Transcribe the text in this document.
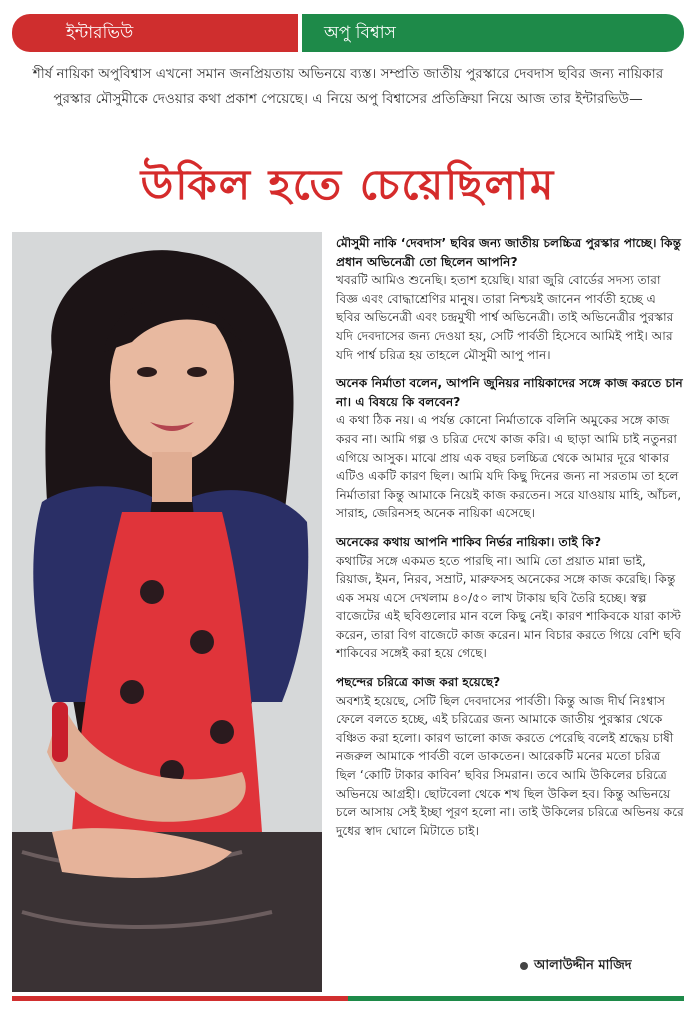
ইন্টারভিউ	অপু বিশ্বাস
শীর্ষ নায়িকা অপুবিশ্বাস এখনো সমান জনপ্রিয়তায় অভিনয়ে ব্যস্ত। সম্প্রতি জাতীয় পুরস্কারে দেবদাস ছবির জন্য নায়িকার পুরস্কার মৌসুমীকে দেওয়ার কথা প্রকাশ পেয়েছে। এ নিয়ে অপু বিশ্বাসের প্রতিক্রিয়া নিয়ে আজ তার ইন্টারভিউ—
উকিল হতে চেয়েছিলাম

মৌসুমী নাকি ‘দেবদাস’ ছবির জন্য জাতীয় চলচ্চিত্র পুরস্কার পাচ্ছে। কিন্তু প্রধান অভিনেত্রী তো ছিলেন আপনি?

খবরটি আমিও শুনেছি। হতাশ হয়েছি। যারা জুরি বোর্ডের সদস্য তারা বিজ্ঞ এবং বোদ্ধাশ্রেণির মানুষ। তারা নিশ্চয়ই জানেন পার্বতী হচ্ছে এ ছবির অভিনেত্রী এবং চন্দ্রমুখী পার্শ্ব অভিনেত্রী। তাই অভিনেত্রীর পুরস্কার যদি দেবদাসের জন্য দেওয়া হয়, সেটি পার্বতী হিসেবে আমিই পাই। আর যদি পার্শ্ব চরিত্র হয় তাহলে মৌসুমী আপু পান।

অনেক নির্মাতা বলেন, আপনি জুনিয়র নায়িকাদের সঙ্গে কাজ করতে চান না। এ বিষয়ে কি বলবেন?

এ কথা ঠিক নয়। এ পর্যন্ত কোনো নির্মাতাকে বলিনি অমুকের সঙ্গে কাজ করব না। আমি গল্প ও চরিত্র দেখে কাজ করি। এ ছাড়া আমি চাই নতুনরা এগিয়ে আসুক। মাঝে প্রায় এক বছর চলচ্চিত্র থেকে আমার দূরে থাকার এটিও একটি কারণ ছিল। আমি যদি কিছু দিনের জন্য না সরতাম তা হলে নির্মাতারা কিন্তু আমাকে নিয়েই কাজ করতেন। সরে যাওয়ায় মাহি, আঁচল, সারাহ, জেরিনসহ অনেক নায়িকা এসেছে।

অনেকের কথায় আপনি শাকিব নির্ভর নায়িকা। তাই কি?

কথাটির সঙ্গে একমত হতে পারছি না। আমি তো প্রয়াত মান্না ভাই, রিয়াজ, ইমন, নিরব, সম্রাট, মারুফসহ অনেকের সঙ্গে কাজ করেছি। কিন্তু এক সময় এসে দেখলাম ৪০/৫০ লাখ টাকায় ছবি তৈরি হচ্ছে। স্বল্প বাজেটের এই ছবিগুলোর মান বলে কিছু নেই। কারণ শাকিবকে যারা কাস্ট করেন, তারা বিগ বাজেটে কাজ করেন। মান বিচার করতে গিয়ে বেশি ছবি শাকিবের সঙ্গেই করা হয়ে গেছে।

পছন্দের চরিত্রে কাজ করা হয়েছে?

অবশ্যই হয়েছে, সেটি ছিল দেবদাসের পার্বতী। কিন্তু আজ দীর্ঘ নিঃশ্বাস ফেলে বলতে হচ্ছে, এই চরিত্রের জন্য আমাকে জাতীয় পুরস্কার থেকে বঞ্চিত করা হলো। কারণ ভালো কাজ করতে পেরেছি বলেই শ্রদ্ধেয় চাষী নজরুল আমাকে পার্বতী বলে ডাকতেন। আরেকটি মনের মতো চরিত্র ছিল ‘কোটি টাকার কাবিন’ ছবির সিমরান। তবে আমি উকিলের চরিত্রে অভিনয়ে আগ্রহী। ছোটবেলা থেকে শখ ছিল উকিল হব। কিন্তু অভিনয়ে চলে আসায় সেই ইচ্ছা পূরণ হলো না। তাই উকিলের চরিত্রে অভিনয় করে দুধের স্বাদ ঘোলে মিটাতে চাই।

আলাউদ্দীন মাজিদ
